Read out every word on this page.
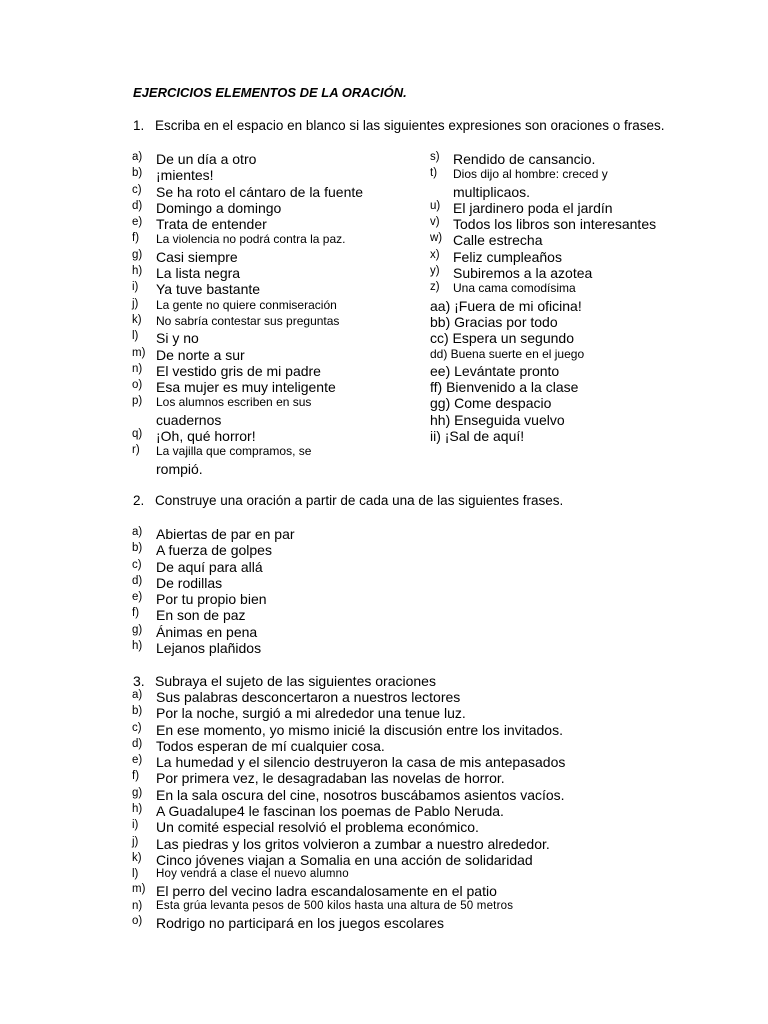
EJERCICIOS ELEMENTOS DE LA ORACIÓN.
1. Escriba en el espacio en blanco si las siguientes expresiones son oraciones o frases.
a) De un día a otro
b) ¡mientes!
c) Se ha roto el cántaro de la fuente
d) Domingo a domingo
e) Trata de entender
f) La violencia no podrá contra la paz.
g) Casi siempre
h) La lista negra
i) Ya tuve bastante
j) La gente no quiere conmiseración
k) No sabría contestar sus preguntas
l) Si y no
m) De norte a sur
n) El vestido gris de mi padre
o) Esa mujer es muy inteligente
p) Los alumnos escriben en sus
cuadernos
q) ¡Oh, qué horror!
r) La vajilla que compramos, se
rompió.
s) Rendido de cansancio.
t) Dios dijo al hombre: creced y
multiplicaos.
u) El jardinero poda el jardín
v) Todos los libros son interesantes
w) Calle estrecha
x) Feliz cumpleaños
y) Subiremos a la azotea
z) Una cama comodísima
aa) ¡Fuera de mi oficina!
bb) Gracias por todo
cc) Espera un segundo
dd) Buena suerte en el juego
ee) Levántate pronto
ff) Bienvenido a la clase
gg) Come despacio
hh) Enseguida vuelvo
ii) ¡Sal de aquí!
2. Construye una oración a partir de cada una de las siguientes frases.
a) Abiertas de par en par
b) A fuerza de golpes
c) De aquí para allá
d) De rodillas
e) Por tu propio bien
f) En son de paz
g) Ánimas en pena
h) Lejanos plañidos
3. Subraya el sujeto de las siguientes oraciones
a) Sus palabras desconcertaron a nuestros lectores
b) Por la noche, surgió a mi alrededor una tenue luz.
c) En ese momento, yo mismo inicié la discusión entre los invitados.
d) Todos esperan de mí cualquier cosa.
e) La humedad y el silencio destruyeron la casa de mis antepasados
f) Por primera vez, le desagradaban las novelas de horror.
g) En la sala oscura del cine, nosotros buscábamos asientos vacíos.
h) A Guadalupe4 le fascinan los poemas de Pablo Neruda.
i) Un comité especial resolvió el problema económico.
j) Las piedras y los gritos volvieron a zumbar a nuestro alrededor.
k) Cinco jóvenes viajan a Somalia en una acción de solidaridad
l) Hoy vendrá a clase el nuevo alumno
m) El perro del vecino ladra escandalosamente en el patio
n) Esta grúa levanta pesos de 500 kilos hasta una altura de 50 metros
o) Rodrigo no participará en los juegos escolares
